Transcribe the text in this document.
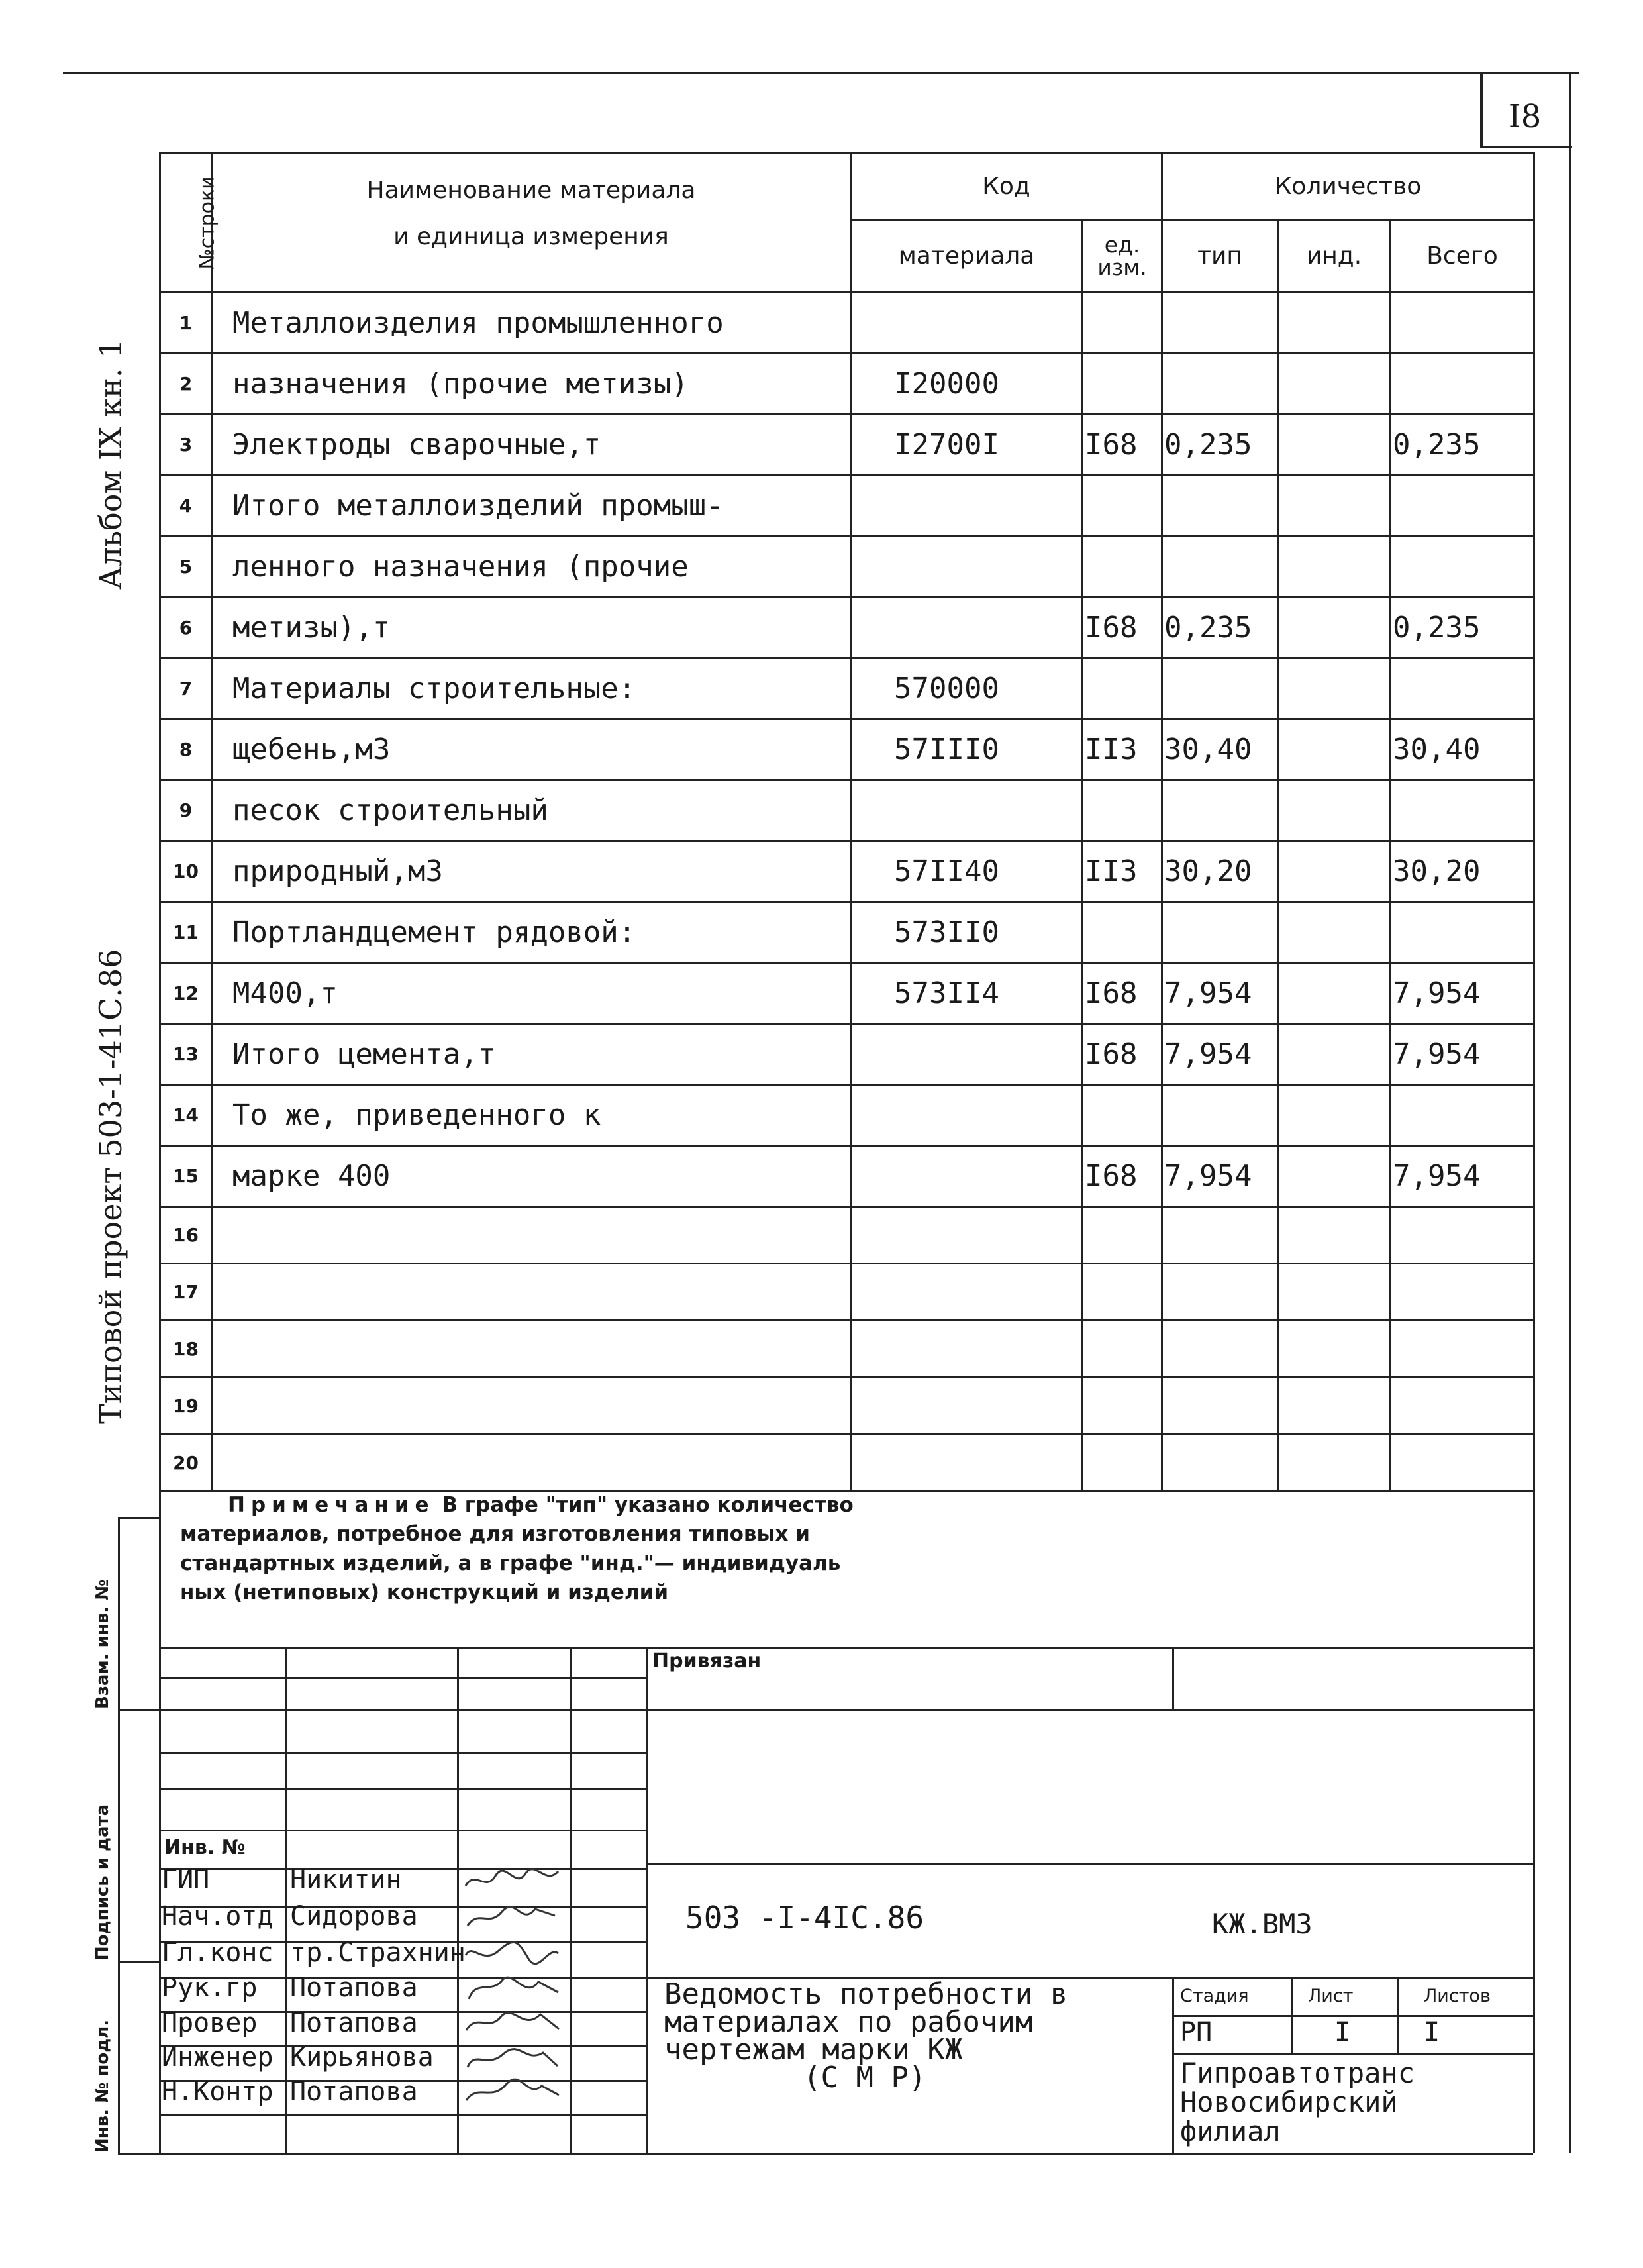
I8
Альбом IX кн. 1
Типовой проект 503-1-41С.86
Взам. инв. №
Подпись и дата
Инв. № подл.
№строки	Наименование материала
и единица измерения	Код		Количество		
		материала	ед.
изм.	тип	инд.	Всего
1	Металлоизделия промышленного					
2	назначения (прочие метизы)	I20000				
3	Электроды сварочные,т	I2700I	I68	0,235		0,235
4	Итого металлоизделий промыш-					
5	ленного назначения (прочие					
6	метизы),т		I68	0,235		0,235
7	Материалы строительные:	570000				
8	щебень,м3	57III0	II3	30,40		30,40
9	песок строительный					
10	природный,м3	57II40	II3	30,20		30,20
11	Портландцемент рядовой:	573II0				
12	М400,т	573II4	I68	7,954		7,954
13	Итого цемента,т		I68	7,954		7,954
14	То же, приведенного к					
15	марке 400		I68	7,954		7,954
16						
17						
18						
19						
20						
Примечание В графе "тип" указано количество
материалов, потребное для изготовления типовых и
стандартных изделий, а в графе "инд."— индивидуаль
ных (нетиповых) конструкций и изделий
Привязан
Инв. №
ГИП	Никитин
Нач.отд Сидорова
Гл.конс тр.Страхнин
Рук.гр Потапова
Провер Потапова
Инженер Кирьянова
Н.Контр Потапова
503 -I-4IС.86	КЖ.ВМЗ
Ведомость потребности в
материалах по рабочим
чертежам марки КЖ
(С М Р)
Стадия	Лист	Листов
РП	I	I
Гипроавтотранс
Новосибирский
филиал
